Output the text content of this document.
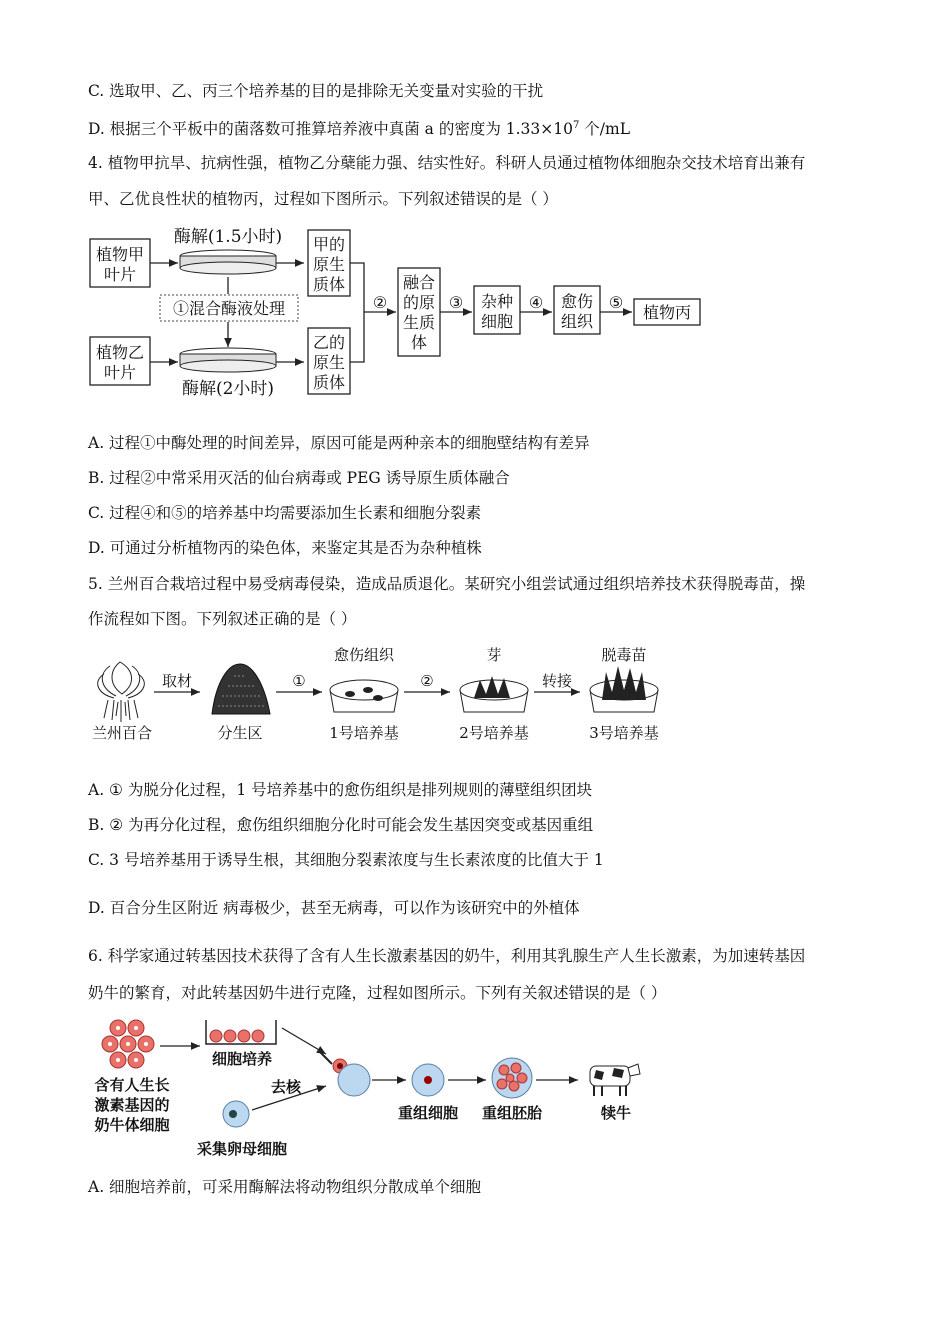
C. 选取甲、乙、丙三个培养基的目的是排除无关变量对实验的干扰
D. 根据三个平板中的菌落数可推算培养液中真菌 a 的密度为 $1.33\times 10^7$ 个/mL
4. 植物甲抗旱、抗病性强，植物乙分蘖能力强、结实性好。科研人员通过植物体细胞杂交技术培育出兼有
甲、乙优良性状的植物丙，过程如下图所示。下列叙述错误的是（ ）
植物甲
叶片
酶解(1.5小时)
①混合酶液处理
植物乙
叶片
酶解(2小时)
甲的
原生
质体
乙的
原生
质体
②
融合
的原
生质
体
③ 杂种
细胞
④ 愈伤
组织
⑤
植物丙
A. 过程①中酶处理的时间差异，原因可能是两种亲本的细胞壁结构有差异
B. 过程②中常采用灭活的仙台病毒或 PEG 诱导原生质体融合
C. 过程④和⑤的培养基中均需要添加生长素和细胞分裂素
D. 可通过分析植物丙的染色体，来鉴定其是否为杂种植株
5. 兰州百合栽培过程中易受病毒侵染，造成品质退化。某研究小组尝试通过组织培养技术获得脱毒苗，操
作流程如下图。下列叙述正确的是（ ）
兰州百合
取材
分生区
①
愈伤组织
1号培养基
②
芽
2号培养基
转接
脱毒苗
3号培养基
A. ① 为脱分化过程，1 号培养基中的愈伤组织是排列规则的薄壁组织团块
B. ② 为再分化过程，愈伤组织细胞分化时可能会发生基因突变或基因重组
C. 3 号培养基用于诱导生根，其细胞分裂素浓度与生长素浓度的比值大于 1
D. 百合分生区附近 病毒极少，甚至无病毒，可以作为该研究中的外植体
6. 科学家通过转基因技术获得了含有人生长激素基因的奶牛，利用其乳腺生产人生长激素，为加速转基因
奶牛的繁育，对此转基因奶牛进行克隆，过程如图所示。下列有关叙述错误的是（ ）
含有人生长
激素基因的
奶牛体细胞
细胞培养
采集卵母细胞
去核
重组细胞 重组胚胎	犊牛
A. 细胞培养前，可采用酶解法将动物组织分散成单个细胞
